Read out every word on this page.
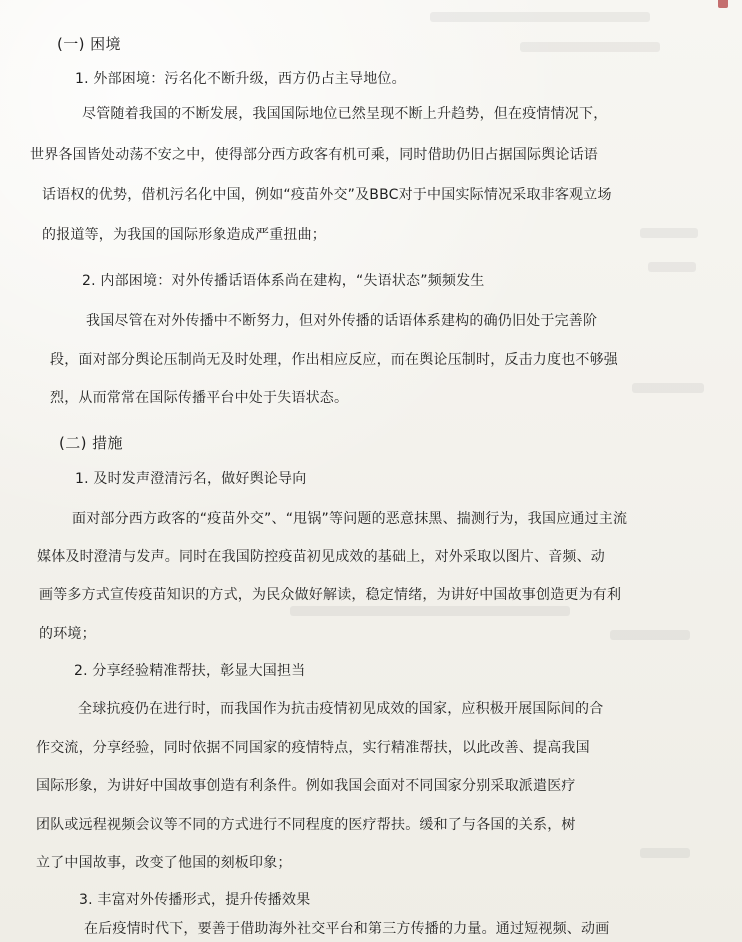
(一) 困境

1. 外部困境：污名化不断升级，西方仍占主导地位。

尽管随着我国的不断发展，我国国际地位已然呈现不断上升趋势，但在疫情情况下，

世界各国皆处动荡不安之中，使得部分西方政客有机可乘，同时借助仍旧占据国际舆论话语

话语权的优势，借机污名化中国，例如“疫苗外交”及BBC对于中国实际情况采取非客观立场

的报道等，为我国的国际形象造成严重扭曲；

2. 内部困境：对外传播话语体系尚在建构，“失语状态”频频发生

我国尽管在对外传播中不断努力，但对外传播的话语体系建构的确仍旧处于完善阶

段，面对部分舆论压制尚无及时处理，作出相应反应，而在舆论压制时，反击力度也不够强

烈，从而常常在国际传播平台中处于失语状态。

(二) 措施

1. 及时发声澄清污名，做好舆论导向

面对部分西方政客的“疫苗外交”、“甩锅”等问题的恶意抹黑、揣测行为，我国应通过主流

媒体及时澄清与发声。同时在我国防控疫苗初见成效的基础上，对外采取以图片、音频、动

画等多方式宣传疫苗知识的方式，为民众做好解读，稳定情绪，为讲好中国故事创造更为有利

的环境；

2. 分享经验精准帮扶，彰显大国担当

全球抗疫仍在进行时，而我国作为抗击疫情初见成效的国家，应积极开展国际间的合

作交流，分享经验，同时依据不同国家的疫情特点，实行精准帮扶，以此改善、提高我国

国际形象，为讲好中国故事创造有利条件。例如我国会面对不同国家分别采取派遣医疗

团队或远程视频会议等不同的方式进行不同程度的医疗帮扶。缓和了与各国的关系，树

立了中国故事，改变了他国的刻板印象；

3. 丰富对外传播形式，提升传播效果

在后疫情时代下，要善于借助海外社交平台和第三方传播的力量。通过短视频、动画
